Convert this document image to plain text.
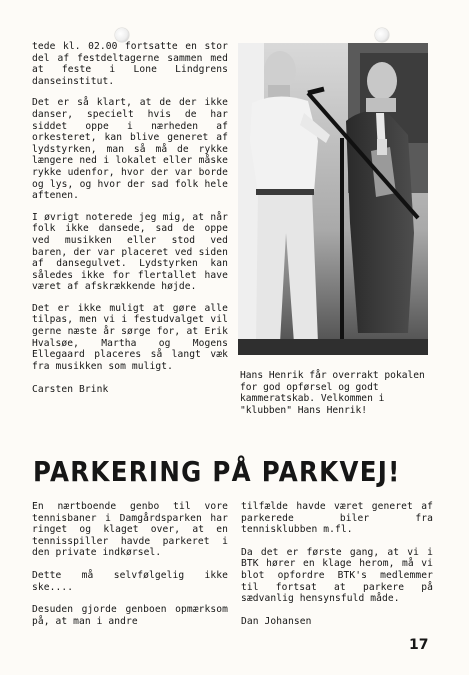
tede kl. 02.00 fortsatte en stor del af festdeltagerne sammen med at feste i Lone Lindgrens danseinstitut.

Det er så klart, at de der ikke danser, specielt hvis de har siddet oppe i nærheden af orkesteret, kan blive generet af lydstyrken, man så må de rykke længere ned i lokalet eller måske rykke udenfor, hvor der var borde og lys, og hvor der sad folk hele aftenen.

I øvrigt noterede jeg mig, at når folk ikke dansede, sad de oppe ved musikken eller stod ved baren, der var placeret ved siden af dansegulvet. Lydstyrken kan således ikke for flertallet have været af afskrækkende højde.

Det er ikke muligt at gøre alle tilpas, men vi i festudvalget vil gerne næste år sørge for, at Erik Hvalsøe, Martha og Mogens Ellegaard placeres så langt væk fra musikken som muligt.

Carsten Brink

Hans Henrik får overrakt pokalen for god opførsel og godt kammeratskab. Velkommen i "klubben" Hans Henrik!
PARKERING PÅ PARKVEJ!

En nærtboende genbo til vore tennisbaner i Damgårdsparken har ringet og klaget over, at en tennisspiller havde parkeret i den private indkørsel.

Dette må selvfølgelig ikke ske....

Desuden gjorde genboen opmærksom på, at man i andre

tilfælde havde været generet af parkerede biler fra tennisklubben m.fl.

Da det er første gang, at vi i BTK hører en klage herom, må vi blot opfordre BTK's medlemmer til fortsat at parkere på sædvanlig hensynsfuld måde.

Dan Johansen

17
